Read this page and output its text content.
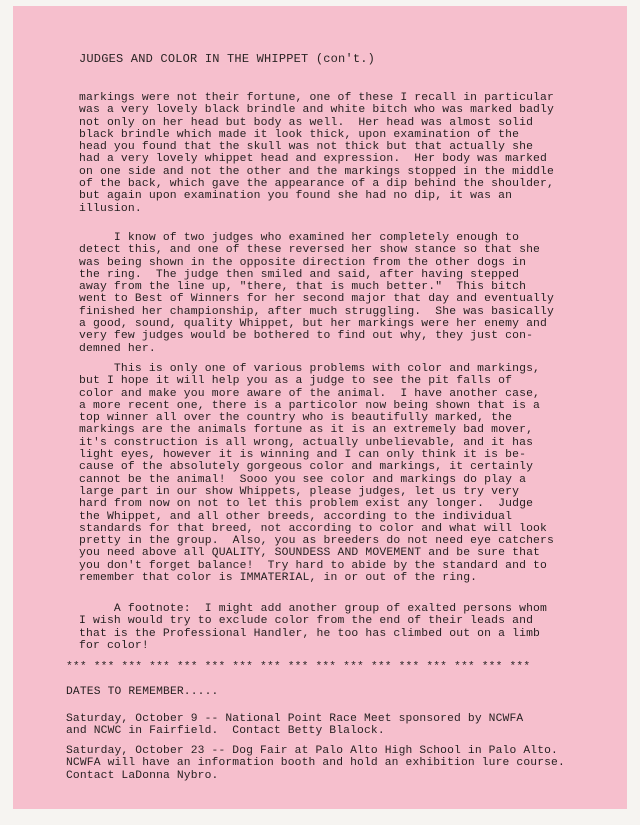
JUDGES AND COLOR IN THE WHIPPET (con't.)
markings were not their fortune, one of these I recall in particular
was a very lovely black brindle and white bitch who was marked badly
not only on her head but body as well.  Her head was almost solid
black brindle which made it look thick, upon examination of the
head you found that the skull was not thick but that actually she
had a very lovely whippet head and expression.  Her body was marked
on one side and not the other and the markings stopped in the middle
of the back, which gave the appearance of a dip behind the shoulder,
but again upon examination you found she had no dip, it was an
illusion.
I know of two judges who examined her completely enough to
detect this, and one of these reversed her show stance so that she
was being shown in the opposite direction from the other dogs in
the ring.  The judge then smiled and said, after having stepped
away from the line up, "there, that is much better."  This bitch
went to Best of Winners for her second major that day and eventually
finished her championship, after much struggling.  She was basically
a good, sound, quality Whippet, but her markings were her enemy and
very few judges would be bothered to find out why, they just con-
demned her.
This is only one of various problems with color and markings,
but I hope it will help you as a judge to see the pit falls of
color and make you more aware of the animal.  I have another case,
a more recent one, there is a particolor now being shown that is a
top winner all over the country who is beautifully marked, the
markings are the animals fortune as it is an extremely bad mover,
it's construction is all wrong, actually unbelievable, and it has
light eyes, however it is winning and I can only think it is be-
cause of the absolutely gorgeous color and markings, it certainly
cannot be the animal!  Sooo you see color and markings do play a
large part in our show Whippets, please judges, let us try very
hard from now on not to let this problem exist any longer.  Judge
the Whippet, and all other breeds, according to the individual
standards for that breed, not according to color and what will look
pretty in the group.  Also, you as breeders do not need eye catchers
you need above all QUALITY, SOUNDESS AND MOVEMENT and be sure that
you don't forget balance!  Try hard to abide by the standard and to
remember that color is IMMATERIAL, in or out of the ring.
A footnote:  I might add another group of exalted persons whom
I wish would try to exclude color from the end of their leads and
that is the Professional Handler, he too has climbed out on a limb
for color!
*** *** *** *** *** *** *** *** *** *** *** *** *** *** *** *** ***
DATES TO REMEMBER.....
Saturday, October 9 -- National Point Race Meet sponsored by NCWFA
and NCWC in Fairfield.  Contact Betty Blalock.
Saturday, October 23 -- Dog Fair at Palo Alto High School in Palo Alto.
NCWFA will have an information booth and hold an exhibition lure course.
Contact LaDonna Nybro.
